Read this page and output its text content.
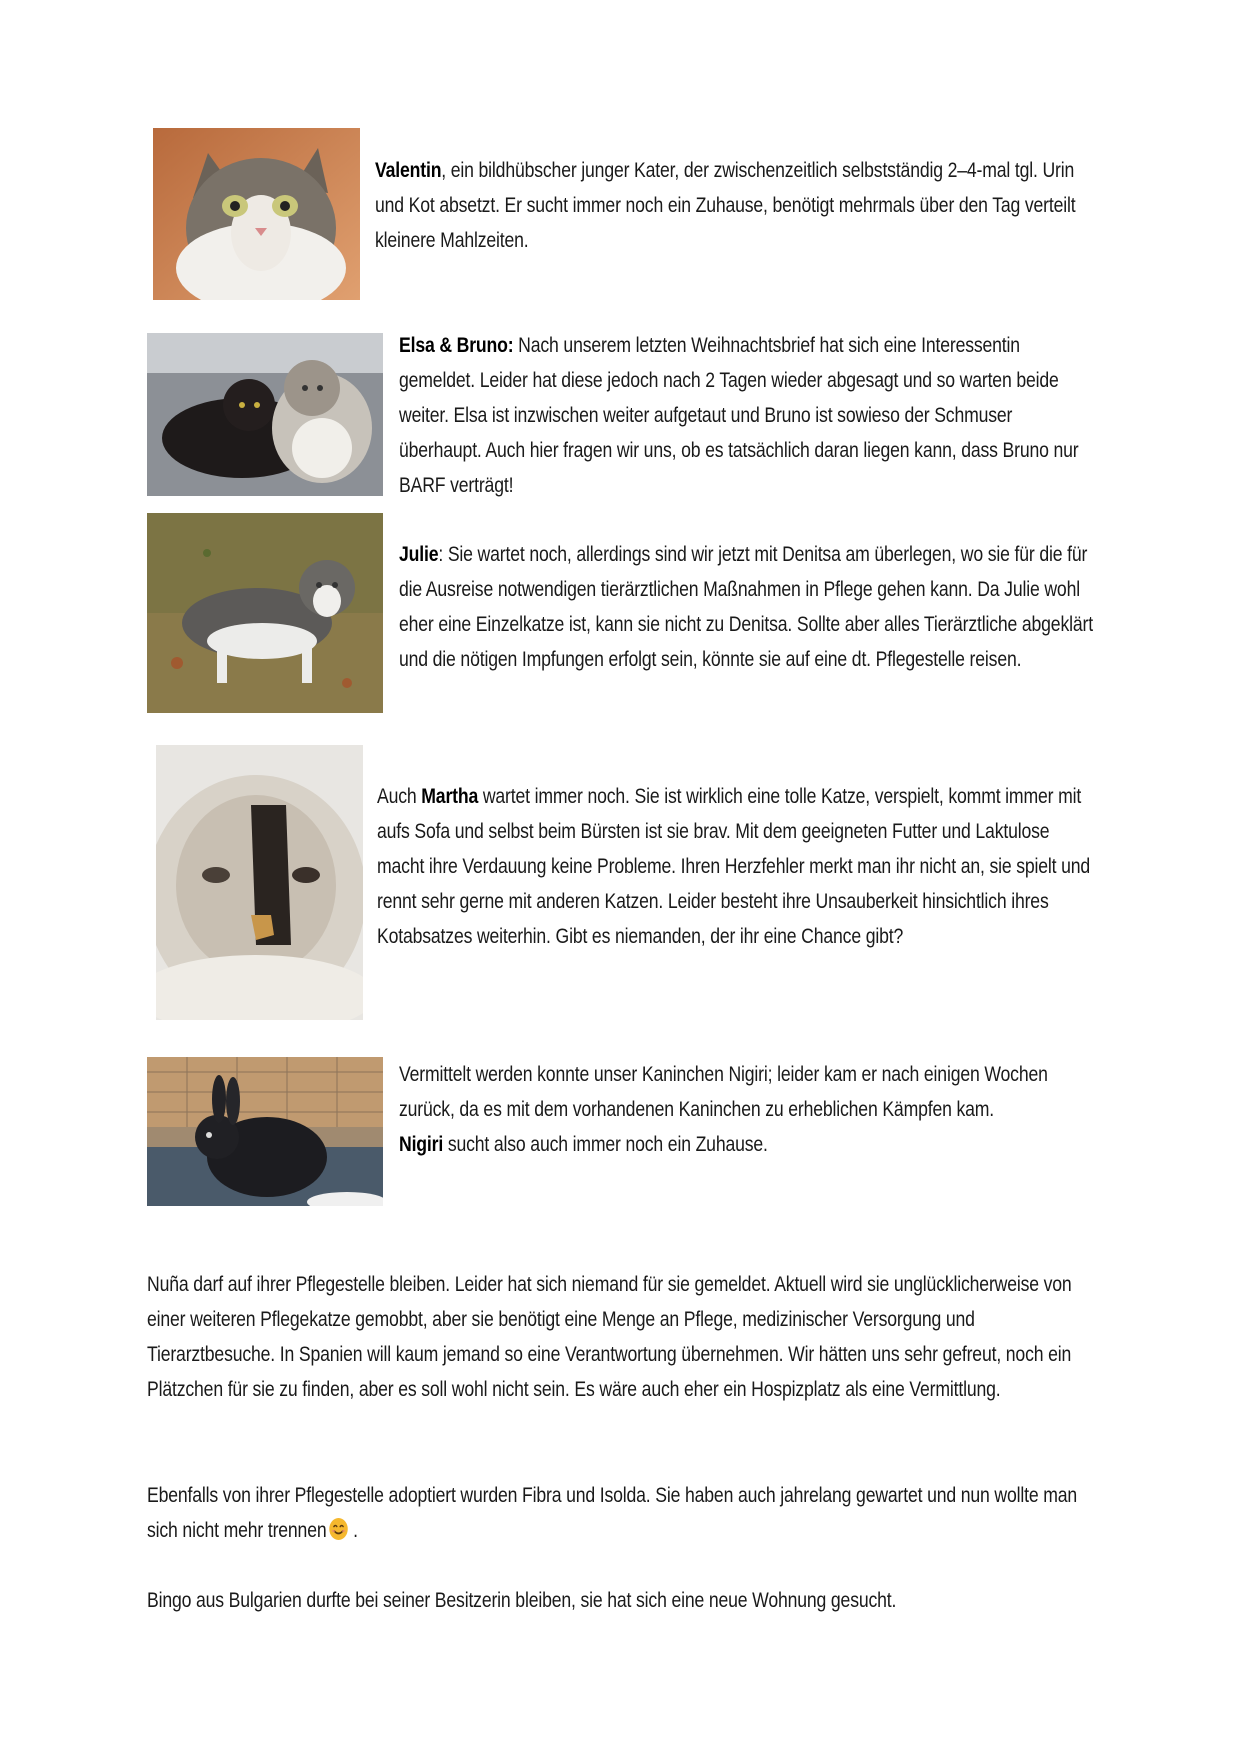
Valentin, ein bildhübscher junger Kater, der zwischenzeitlich selbstständig 2–4-mal tgl. Urin und Kot absetzt. Er sucht immer noch ein Zuhause, benötigt mehrmals über den Tag verteilt kleinere Mahlzeiten.

Elsa & Bruno: Nach unserem letzten Weihnachtsbrief hat sich eine Interessentin gemeldet. Leider hat diese jedoch nach 2 Tagen wieder abgesagt und so warten beide weiter. Elsa ist inzwischen weiter aufgetaut und Bruno ist sowieso der Schmuser überhaupt. Auch hier fragen wir uns, ob es tatsächlich daran liegen kann, dass Bruno nur BARF verträgt!

Julie: Sie wartet noch, allerdings sind wir jetzt mit Denitsa am überlegen, wo sie für die für die Ausreise notwendigen tierärztlichen Maßnahmen in Pflege gehen kann. Da Julie wohl eher eine Einzelkatze ist, kann sie nicht zu Denitsa. Sollte aber alles Tierärztliche abgeklärt und die nötigen Impfungen erfolgt sein, könnte sie auf eine dt. Pflegestelle reisen.

Auch Martha wartet immer noch. Sie ist wirklich eine tolle Katze, verspielt, kommt immer mit aufs Sofa und selbst beim Bürsten ist sie brav. Mit dem geeigneten Futter und Laktulose macht ihre Verdauung keine Probleme. Ihren Herzfehler merkt man ihr nicht an, sie spielt und rennt sehr gerne mit anderen Katzen. Leider besteht ihre Unsauberkeit hinsichtlich ihres Kotabsatzes weiterhin. Gibt es niemanden, der ihr eine Chance gibt?

Vermittelt werden konnte unser Kaninchen Nigiri; leider kam er nach einigen Wochen zurück, da es mit dem vorhandenen Kaninchen zu erheblichen Kämpfen kam.

Nigiri sucht also auch immer noch ein Zuhause.

Nuña darf auf ihrer Pflegestelle bleiben. Leider hat sich niemand für sie gemeldet. Aktuell wird sie unglücklicherweise von einer weiteren Pflegekatze gemobbt, aber sie benötigt eine Menge an Pflege, medizinischer Versorgung und Tierarztbesuche. In Spanien will kaum jemand so eine Verantwortung übernehmen. Wir hätten uns sehr gefreut, noch ein Plätzchen für sie zu finden, aber es soll wohl nicht sein. Es wäre auch eher ein Hospizplatz als eine Vermittlung.

Ebenfalls von ihrer Pflegestelle adoptiert wurden Fibra und Isolda. Sie haben auch jahrelang gewartet und nun wollte man sich nicht mehr trennen .

Bingo aus Bulgarien durfte bei seiner Besitzerin bleiben, sie hat sich eine neue Wohnung gesucht.
